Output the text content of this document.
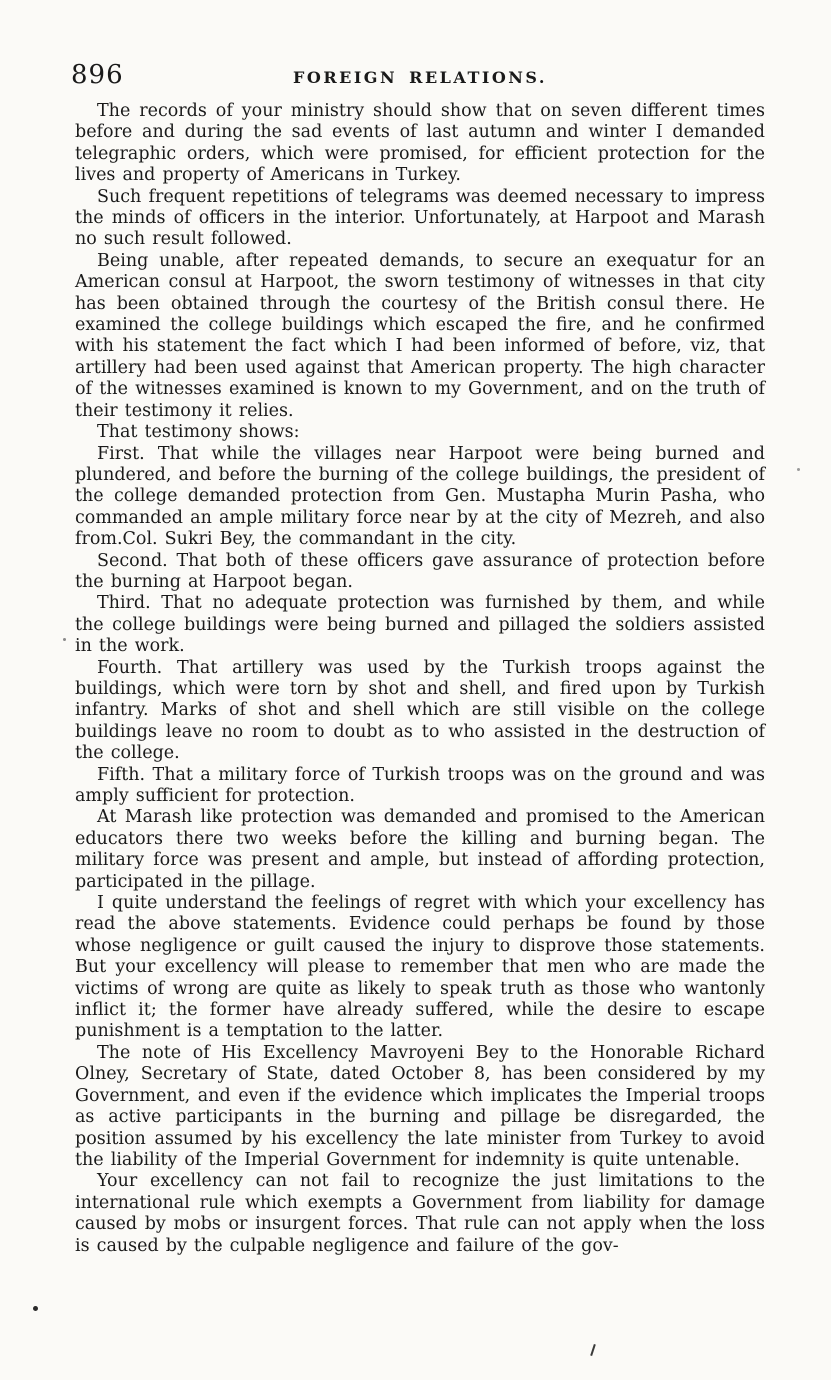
896	FOREIGN RELATIONS.

The records of your ministry should show that on seven different times before and during the sad events of last autumn and winter I demanded telegraphic orders, which were promised, for efficient protection for the lives and property of Americans in Turkey.

Such frequent repetitions of telegrams was deemed necessary to impress the minds of officers in the interior. Unfortunately, at Harpoot and Marash no such result followed.

Being unable, after repeated demands, to secure an exequatur for an American consul at Harpoot, the sworn testimony of witnesses in that city has been obtained through the courtesy of the British consul there. He examined the college buildings which escaped the fire, and he confirmed with his statement the fact which I had been informed of before, viz, that artillery had been used against that American property. The high character of the witnesses examined is known to my Government, and on the truth of their testimony it relies.

That testimony shows:

First. That while the villages near Harpoot were being burned and plundered, and before the burning of the college buildings, the president of the college demanded protection from Gen. Mustapha Murin Pasha, who commanded an ample military force near by at the city of Mezreh, and also from.Col. Sukri Bey, the commandant in the city.

Second. That both of these officers gave assurance of protection before the burning at Harpoot began.

Third. That no adequate protection was furnished by them, and while the college buildings were being burned and pillaged the soldiers assisted in the work.

Fourth. That artillery was used by the Turkish troops against the buildings, which were torn by shot and shell, and fired upon by Turkish infantry. Marks of shot and shell which are still visible on the college buildings leave no room to doubt as to who assisted in the destruction of the college.

Fifth. That a military force of Turkish troops was on the ground and was amply sufficient for protection.

At Marash like protection was demanded and promised to the American educators there two weeks before the killing and burning began. The military force was present and ample, but instead of affording protection, participated in the pillage.

I quite understand the feelings of regret with which your excellency has read the above statements. Evidence could perhaps be found by those whose negligence or guilt caused the injury to disprove those statements. But your excellency will please to remember that men who are made the victims of wrong are quite as likely to speak truth as those who wantonly inflict it; the former have already suffered, while the desire to escape punishment is a temptation to the latter.

The note of His Excellency Mavroyeni Bey to the Honorable Richard Olney, Secretary of State, dated October 8, has been considered by my Government, and even if the evidence which implicates the Imperial troops as active participants in the burning and pillage be disregarded, the position assumed by his excellency the late minister from Turkey to avoid the liability of the Imperial Government for indemnity is quite untenable.

Your excellency can not fail to recognize the just limitations to the international rule which exempts a Government from liability for damage caused by mobs or insurgent forces. That rule can not apply when the loss is caused by the culpable negligence and failure of the gov-
